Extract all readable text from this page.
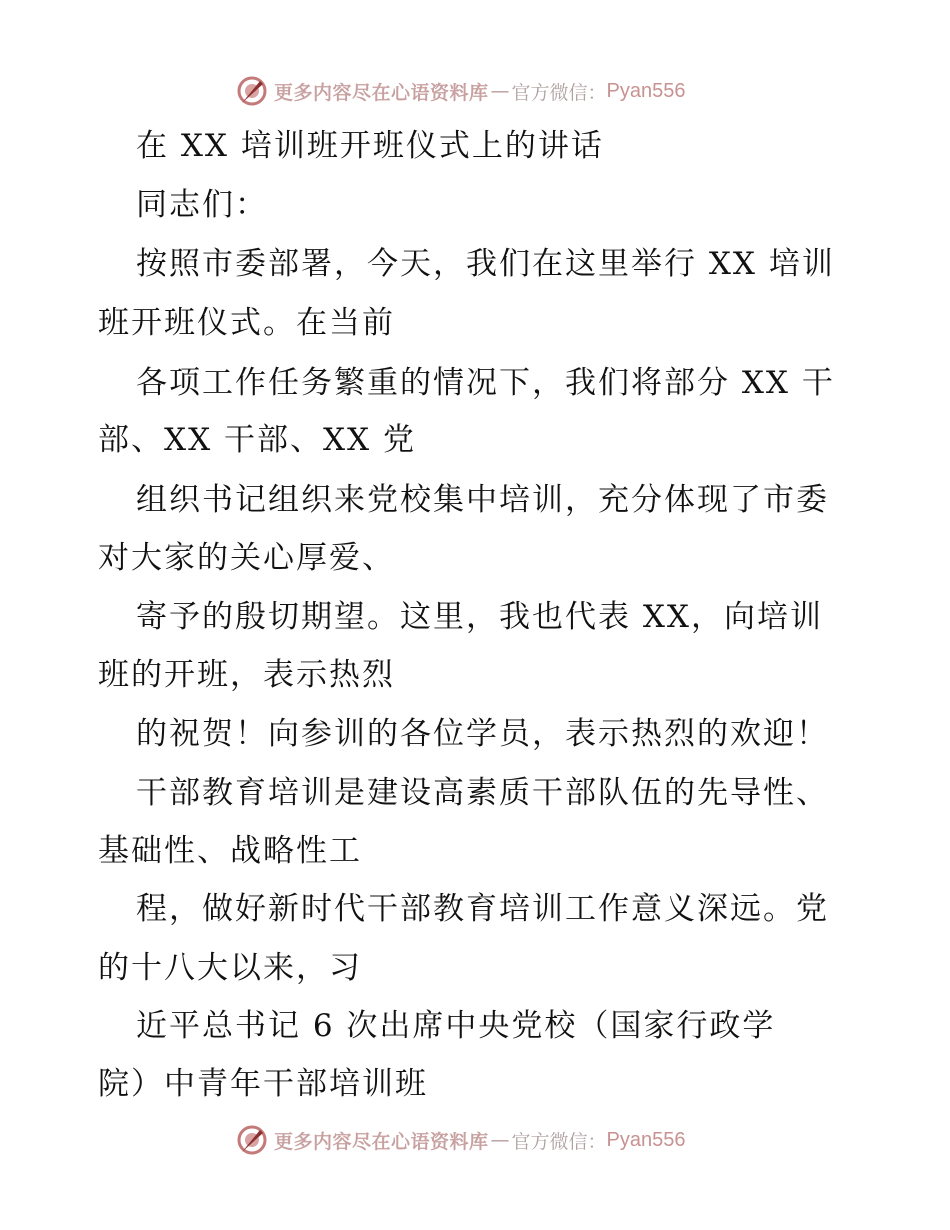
更多内容尽在心语资料库 — 官方微信： Pyan556
在 XX 培训班开班仪式上的讲话
同志们：
按照市委部署，今天，我们在这里举行 XX 培训
班开班仪式。在当前
各项工作任务繁重的情况下，我们将部分 XX 干
部、XX 干部、XX 党
组织书记组织来党校集中培训，充分体现了市委
对大家的关心厚爱、
寄予的殷切期望。这里，我也代表 XX，向培训
班的开班，表示热烈
的祝贺！向参训的各位学员，表示热烈的欢迎！
干部教育培训是建设高素质干部队伍的先导性、
基础性、战略性工
程，做好新时代干部教育培训工作意义深远。党
的十八大以来，习
近平总书记 6 次出席中央党校（国家行政学
院）中青年干部培训班
更多内容尽在心语资料库 — 官方微信： Pyan556
